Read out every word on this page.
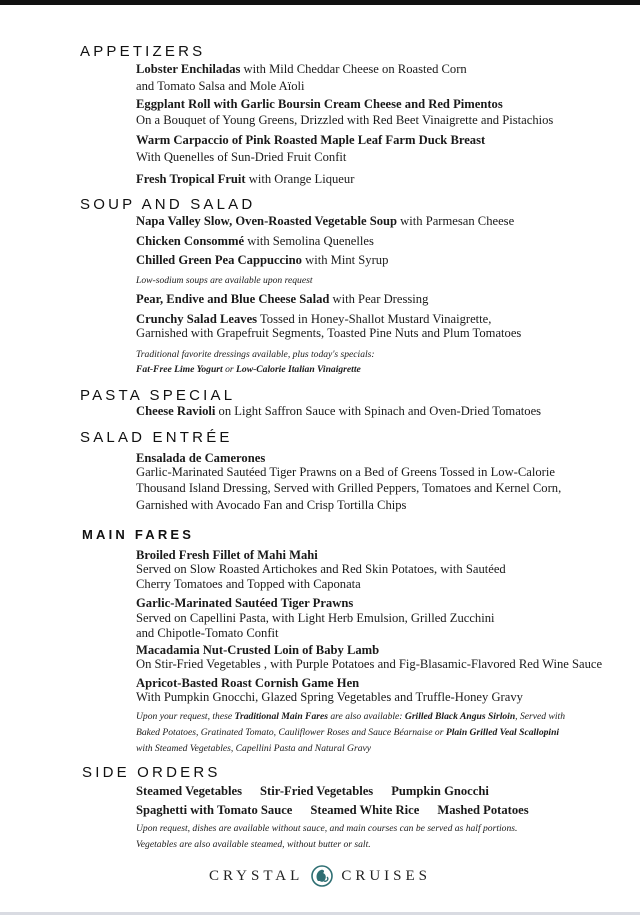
APPETIZERS
Lobster Enchiladas with Mild Cheddar Cheese on Roasted Corn
and Tomato Salsa and Mole Aïoli
Eggplant Roll with Garlic Boursin Cream Cheese and Red Pimentos
On a Bouquet of Young Greens, Drizzled with Red Beet Vinaigrette and Pistachios
Warm Carpaccio of Pink Roasted Maple Leaf Farm Duck Breast
With Quenelles of Sun-Dried Fruit Confit
Fresh Tropical Fruit with Orange Liqueur
SOUP AND SALAD
Napa Valley Slow, Oven-Roasted Vegetable Soup with Parmesan Cheese
Chicken Consommé with Semolina Quenelles
Chilled Green Pea Cappuccino with Mint Syrup
Low-sodium soups are available upon request
Pear, Endive and Blue Cheese Salad with Pear Dressing
Crunchy Salad Leaves Tossed in Honey-Shallot Mustard Vinaigrette,
Garnished with Grapefruit Segments, Toasted Pine Nuts and Plum Tomatoes
Traditional favorite dressings available, plus today's specials:
Fat-Free Lime Yogurt or Low-Calorie Italian Vinaigrette
PASTA SPECIAL
Cheese Ravioli on Light Saffron Sauce with Spinach and Oven-Dried Tomatoes
SALAD ENTRÉE
Ensalada de Camerones
Garlic-Marinated Sautéed Tiger Prawns on a Bed of Greens Tossed in Low-Calorie
Thousand Island Dressing, Served with Grilled Peppers, Tomatoes and Kernel Corn,
Garnished with Avocado Fan and Crisp Tortilla Chips
MAIN FARES
Broiled Fresh Fillet of Mahi Mahi
Served on Slow Roasted Artichokes and Red Skin Potatoes, with Sautéed
Cherry Tomatoes and Topped with Caponata
Garlic-Marinated Sautéed Tiger Prawns
Served on Capellini Pasta, with Light Herb Emulsion, Grilled Zucchini
and Chipotle-Tomato Confit
Macadamia Nut-Crusted Loin of Baby Lamb
On Stir-Fried Vegetables , with Purple Potatoes and Fig-Blasamic-Flavored Red Wine Sauce
Apricot-Basted Roast Cornish Game Hen
With Pumpkin Gnocchi, Glazed Spring Vegetables and Truffle-Honey Gravy
Upon your request, these Traditional Main Fares are also available: Grilled Black Angus Sirloin, Served with
Baked Potatoes, Gratinated Tomato, Cauliflower Roses and Sauce Béarnaise or Plain Grilled Veal Scallopini
with Steamed Vegetables, Capellini Pasta and Natural Gravy
SIDE ORDERS
Steamed Vegetables Stir-Fried Vegetables Pumpkin Gnocchi
Spaghetti with Tomato Sauce Steamed White Rice Mashed Potatoes
Upon request, dishes are available without sauce, and main courses can be served as half portions.
Vegetables are also available steamed, without butter or salt.
CRYSTAL	CRUISES
